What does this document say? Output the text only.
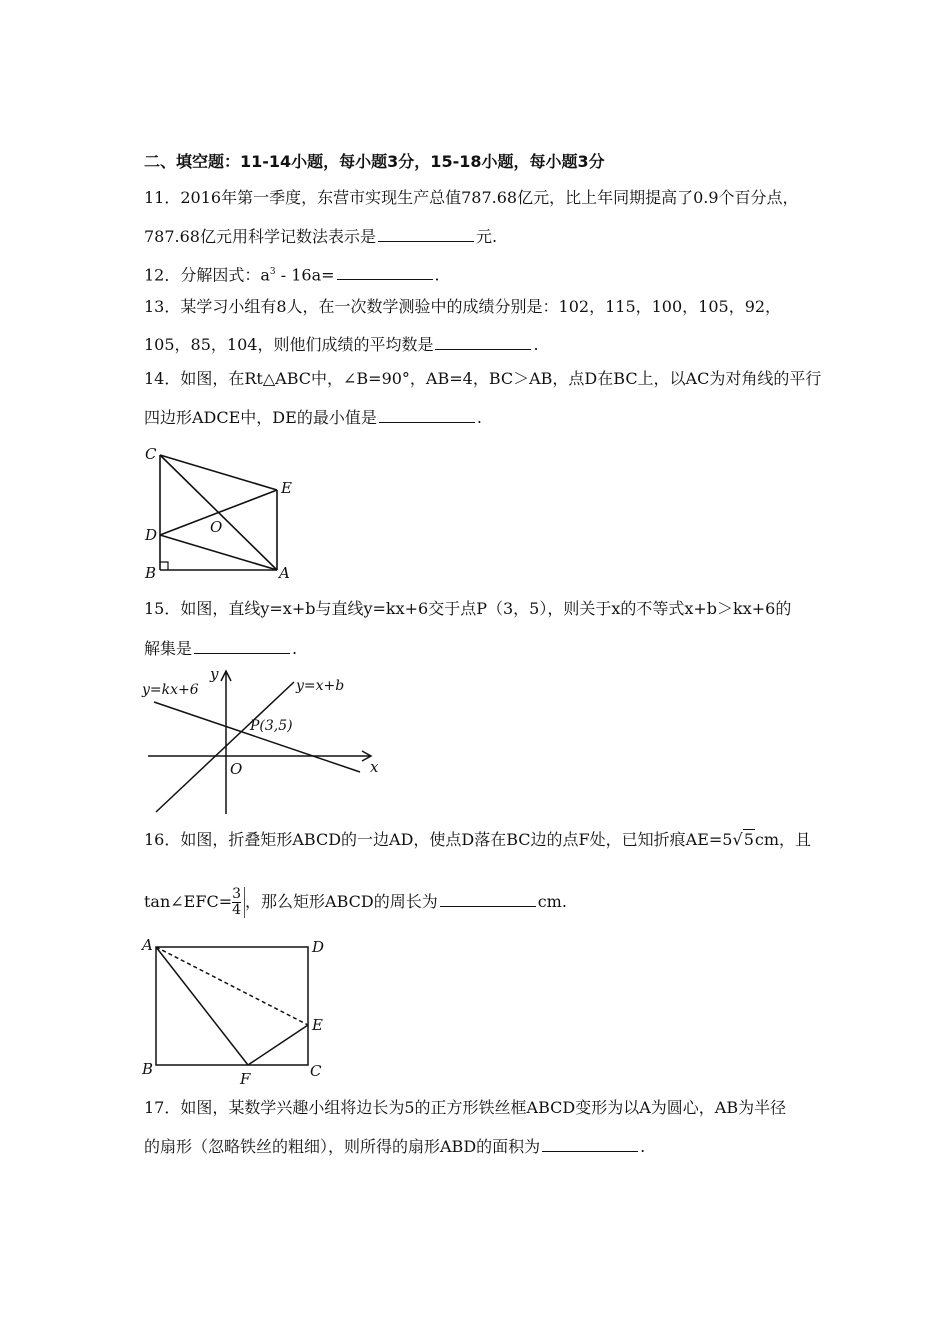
二、填空题：11-14小题，每小题3分，15-18小题，每小题3分
11．2016年第一季度，东营市实现生产总值787.68亿元，比上年同期提高了0.9个百分点，
787.68亿元用科学记数法表示是	元.
12．分解因式：$a^3 - 16a=$	.
13．某学习小组有8人，在一次数学测验中的成绩分别是：102，115，100，105，92，
105，85，104，则他们成绩的平均数是	.
14．如图，在Rt△ABC中，∠B=90°，AB=4，BC＞AB，点D在BC上，以AC为对角线的平行
四边形ADCE中，DE的最小值是	.
C
E
O
D
B	A
15．如图，直线y=x+b与直线y=kx+6交于点P（3，5），则关于x的不等式x+b＞kx+6的
解集是	.
y=kx+6	y=x+b
P(3,5)
x
y
O
16．如图，折叠矩形ABCD的一边AD，使点D落在BC边的点F处，已知折痕AE=5√5cm，且
tan∠EFC= $\frac{3}{4}$，那么矩形ABCD的周长为	cm.
A	D
E
B
F	C
17．如图，某数学兴趣小组将边长为5的正方形铁丝框ABCD变形为以A为圆心，AB为半径
的扇形（忽略铁丝的粗细），则所得的扇形ABD的面积为	.
